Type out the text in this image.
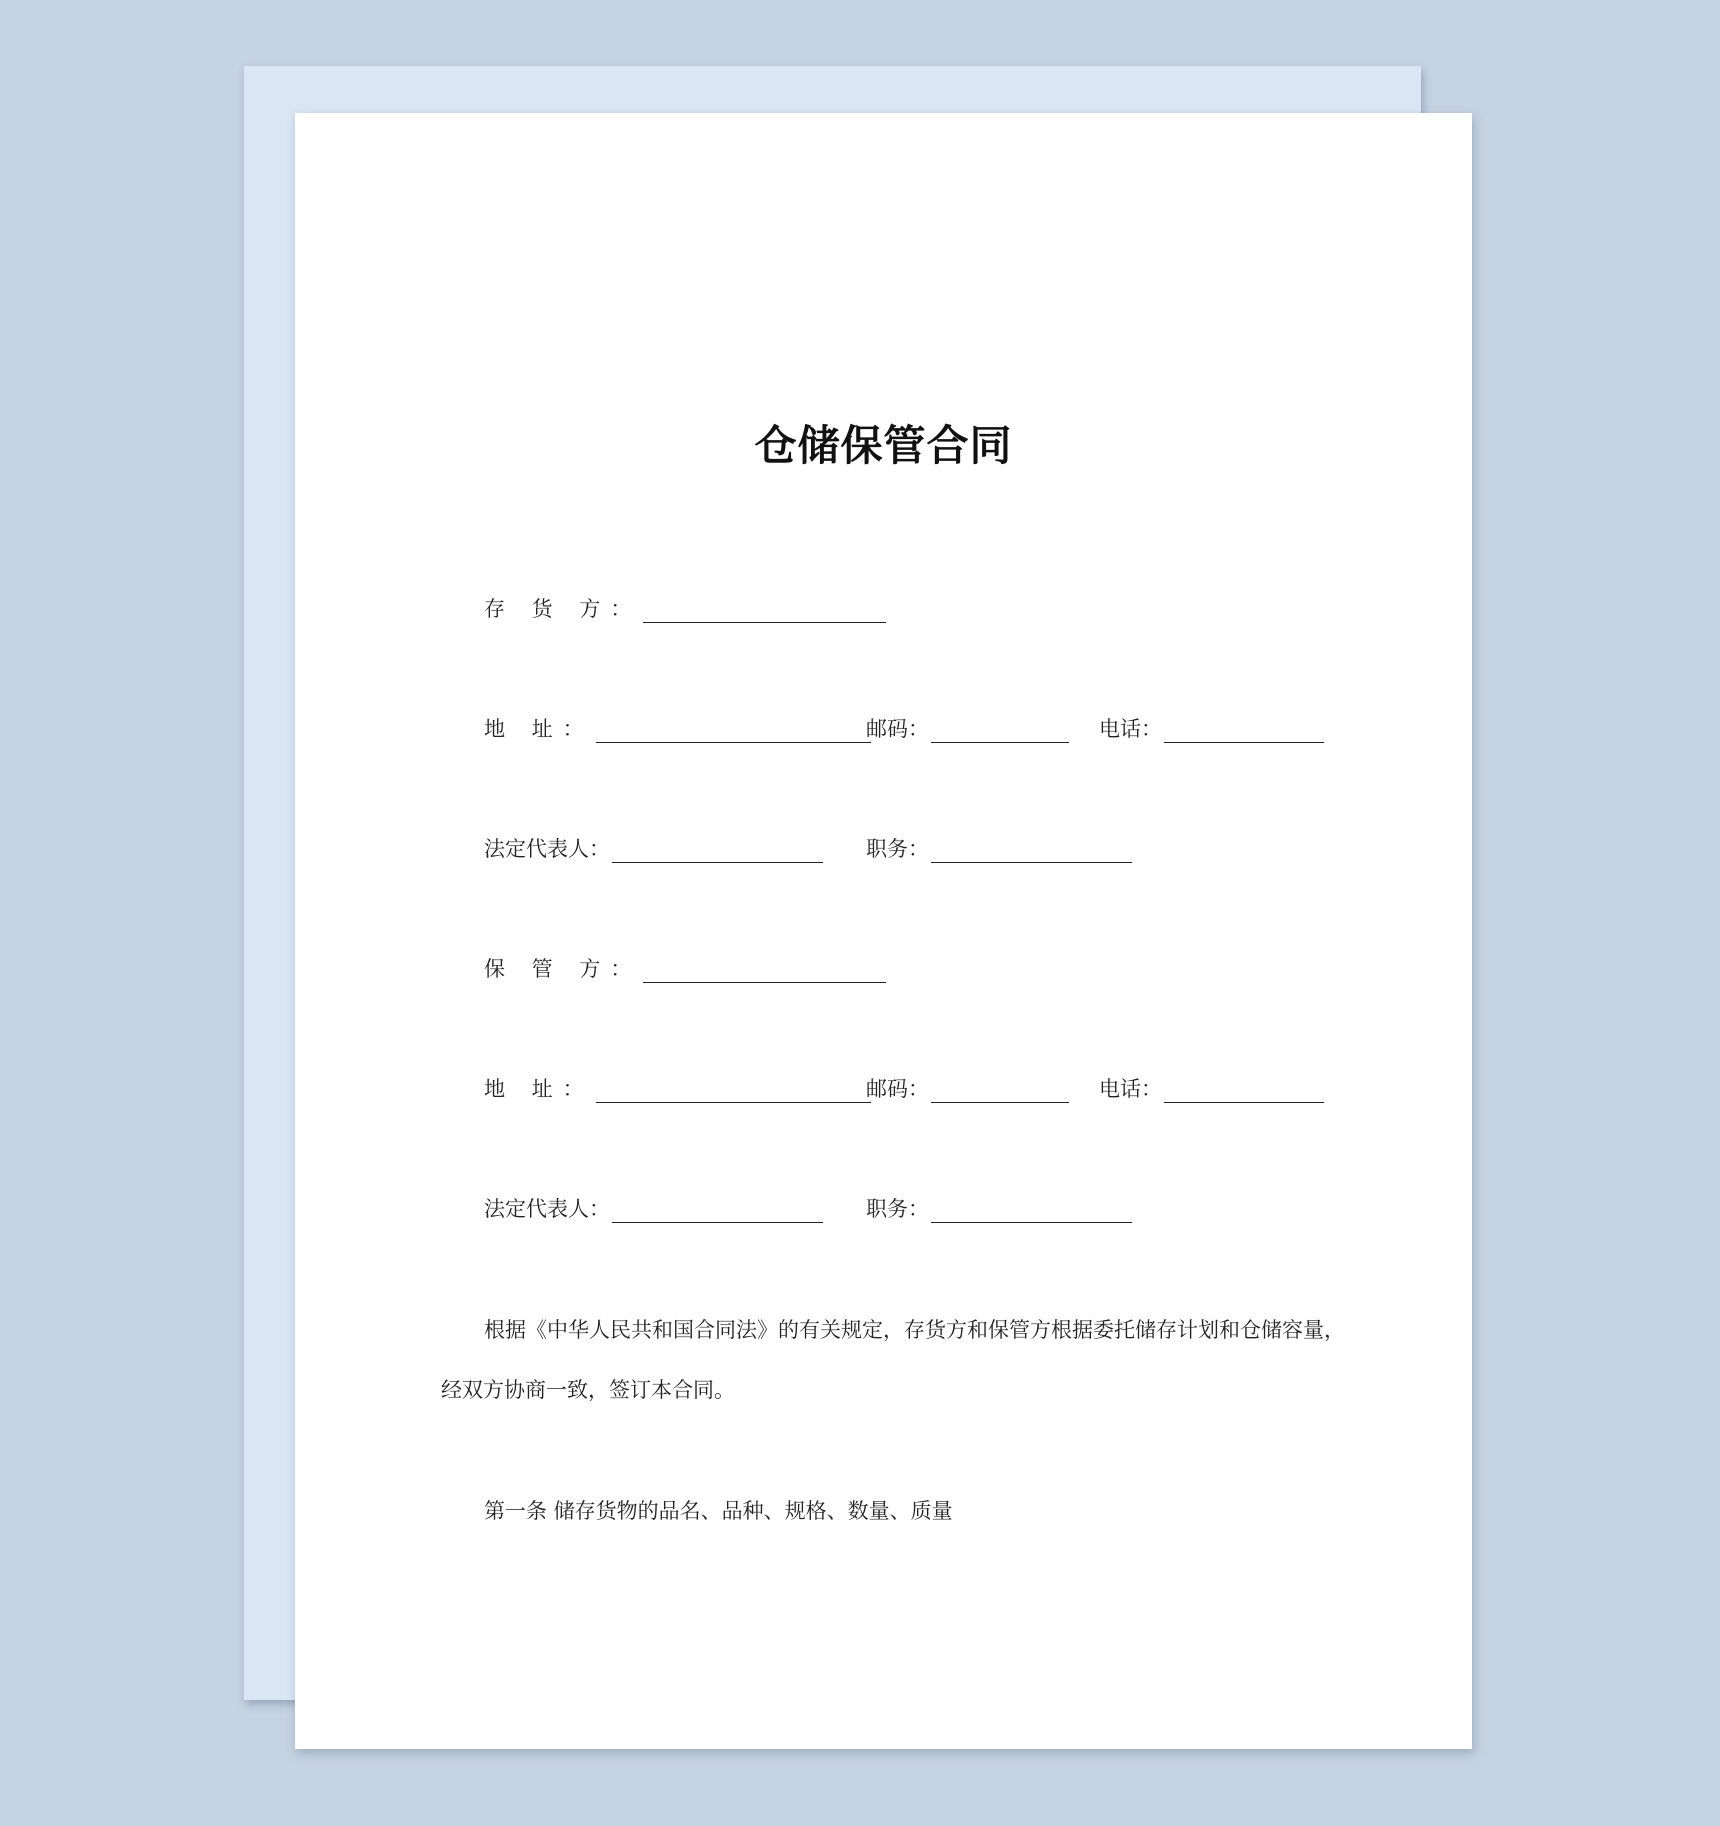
仓储保管合同
存 货 方：
地 址：	邮码：	电话：
法定代表人：	职务：
保 管 方：
地 址：	邮码：	电话：
法定代表人：	职务：
根据《中华人民共和国合同法》的有关规定，存货方和保管方根据委托储存计划和仓储容量，
经双方协商一致，签订本合同。
第一条 储存货物的品名、品种、规格、数量、质量
